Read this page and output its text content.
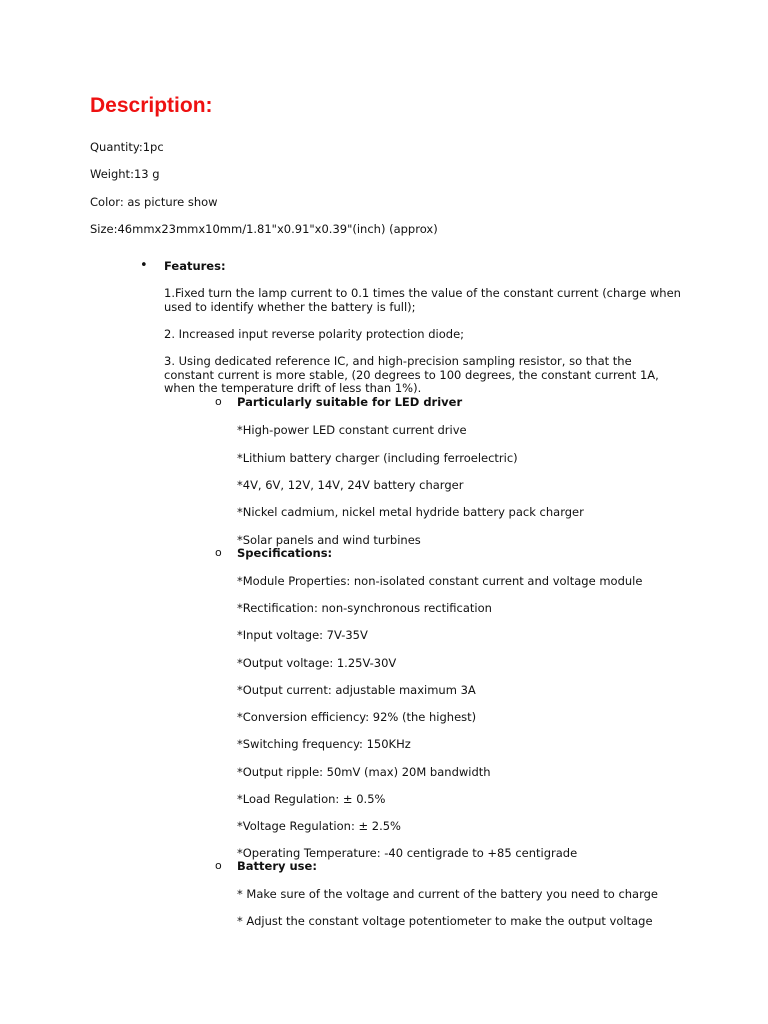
Description:
Quantity:1pc
Weight:13 g
Color: as picture show
Size:46mmx23mmx10mm/1.81"x0.91"x0.39"(inch) (approx)
• Features:
1.Fixed turn the lamp current to 0.1 times the value of the constant current (charge when used to identify whether the battery is full);
2. Increased input reverse polarity protection diode;
3. Using dedicated reference IC, and high-precision sampling resistor, so that the constant current is more stable, (20 degrees to 100 degrees, the constant current 1A, when the temperature drift of less than 1%).
o Particularly suitable for LED driver
*High-power LED constant current drive
*Lithium battery charger (including ferroelectric)
*4V, 6V, 12V, 14V, 24V battery charger
*Nickel cadmium, nickel metal hydride battery pack charger
*Solar panels and wind turbines
o Specifications:
*Module Properties: non-isolated constant current and voltage module
*Rectification: non-synchronous rectification
*Input voltage: 7V-35V
*Output voltage: 1.25V-30V
*Output current: adjustable maximum 3A
*Conversion efficiency: 92% (the highest)
*Switching frequency: 150KHz
*Output ripple: 50mV (max) 20M bandwidth
*Load Regulation: ± 0.5%
*Voltage Regulation: ± 2.5%
*Operating Temperature: -40 centigrade to +85 centigrade
o Battery use:
* Make sure of the voltage and current of the battery you need to charge
* Adjust the constant voltage potentiometer to make the output voltage
